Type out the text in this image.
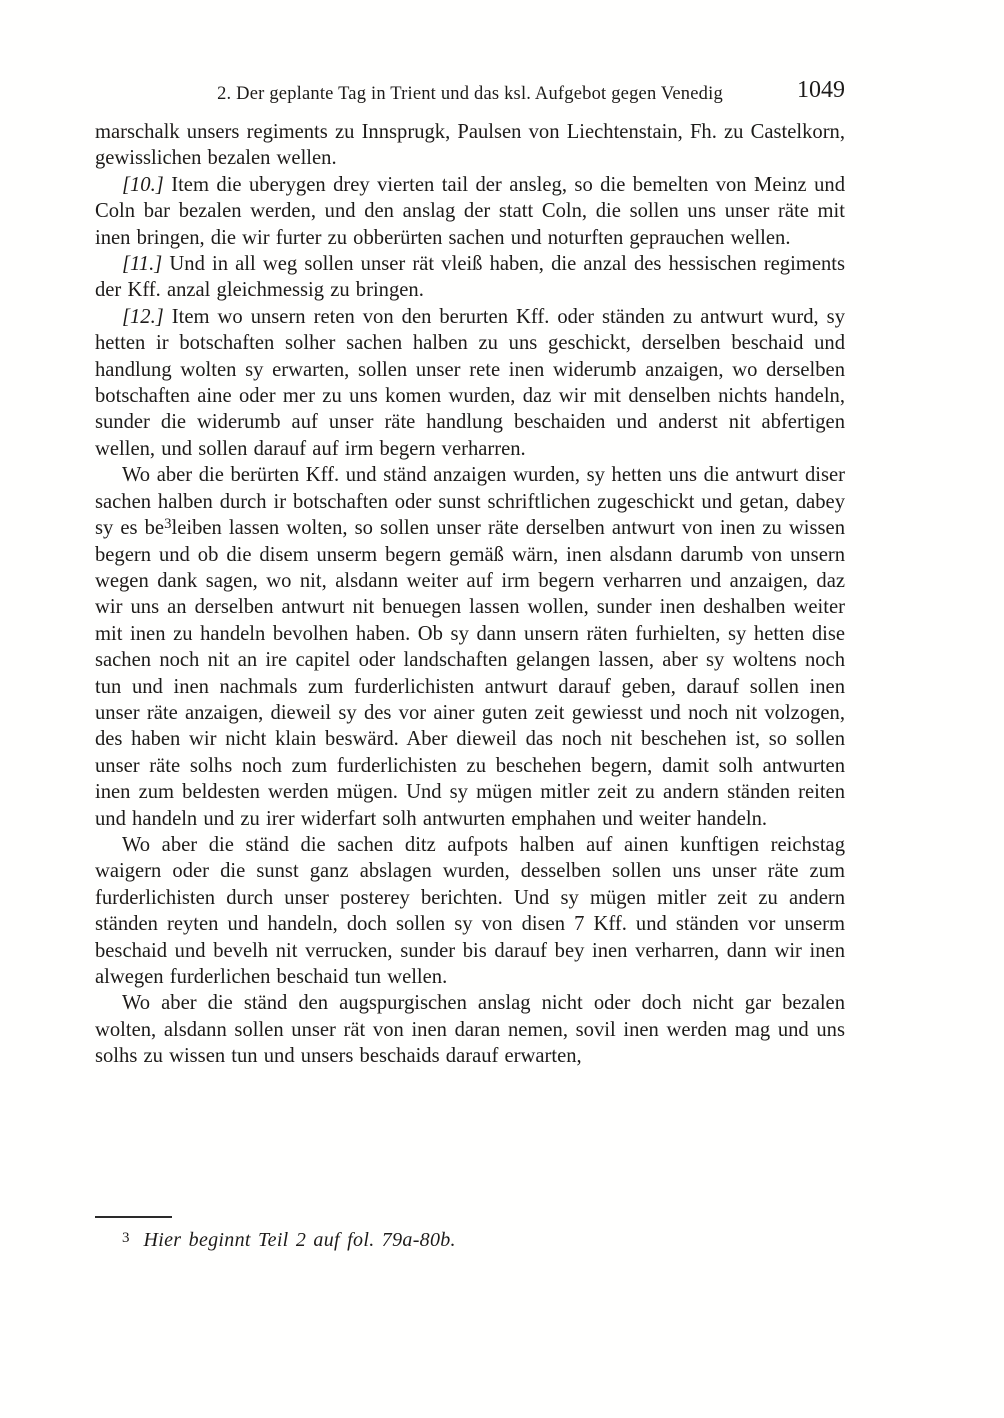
2. Der geplante Tag in Trient und das ksl. Aufgebot gegen Venedig	1049

marschalk unsers regiments zu Innsprugk, Paulsen von Liechtenstain, Fh. zu Castelkorn, gewisslichen bezalen wellen.

[10.] Item die uberygen drey vierten tail der ansleg, so die bemelten von Meinz und Coln bar bezalen werden, und den anslag der statt Coln, die sollen uns unser räte mit inen bringen, die wir furter zu obberürten sachen und noturften geprauchen wellen.

[11.] Und in all weg sollen unser rät vleiß haben, die anzal des hessischen regiments der Kff. anzal gleichmessig zu bringen.

[12.] Item wo unsern reten von den berurten Kff. oder ständen zu antwurt wurd, sy hetten ir botschaften solher sachen halben zu uns geschickt, derselben beschaid und handlung wolten sy erwarten, sollen unser rete inen widerumb anzaigen, wo derselben botschaften aine oder mer zu uns komen wurden, daz wir mit denselben nichts handeln, sunder die widerumb auf unser räte handlung beschaiden und anderst nit abfertigen wellen, und sollen darauf auf irm begern verharren.

Wo aber die berürten Kff. und ständ anzaigen wurden, sy hetten uns die antwurt diser sachen halben durch ir botschaften oder sunst schriftlichen zugeschickt und getan, dabey sy es be$^3$leiben lassen wolten, so sollen unser räte derselben antwurt von inen zu wissen begern und ob die disem unserm begern gemäß wärn, inen alsdann darumb von unsern wegen dank sagen, wo nit, alsdann weiter auf irm begern verharren und anzaigen, daz wir uns an derselben antwurt nit benuegen lassen wollen, sunder inen deshalben weiter mit inen zu handeln bevolhen haben. Ob sy dann unsern räten furhielten, sy hetten dise sachen noch nit an ire capitel oder landschaften gelangen lassen, aber sy woltens noch tun und inen nachmals zum furderlichisten antwurt darauf geben, darauf sollen inen unser räte anzaigen, dieweil sy des vor ainer guten zeit gewiesst und noch nit volzogen, des haben wir nicht klain beswärd. Aber dieweil das noch nit beschehen ist, so sollen unser räte solhs noch zum furderlichisten zu beschehen begern, damit solh antwurten inen zum beldesten werden mügen. Und sy mügen mitler zeit zu andern ständen reiten und handeln und zu irer widerfart solh antwurten emphahen und weiter handeln.

Wo aber die ständ die sachen ditz aufpots halben auf ainen kunftigen reichstag waigern oder die sunst ganz abslagen wurden, desselben sollen uns unser räte zum furderlichisten durch unser posterey berichten. Und sy mügen mitler zeit zu andern ständen reyten und handeln, doch sollen sy von disen 7 Kff. und ständen vor unserm beschaid und bevelh nit verrucken, sunder bis darauf bey inen verharren, dann wir inen alwegen furderlichen beschaid tun wellen.

Wo aber die ständ den augspurgischen anslag nicht oder doch nicht gar bezalen wolten, alsdann sollen unser rät von inen daran nemen, sovil inen werden mag und uns solhs zu wissen tun und unsers beschaids darauf erwarten,

$^3$ Hier beginnt Teil 2 auf fol. 79a-80b.
